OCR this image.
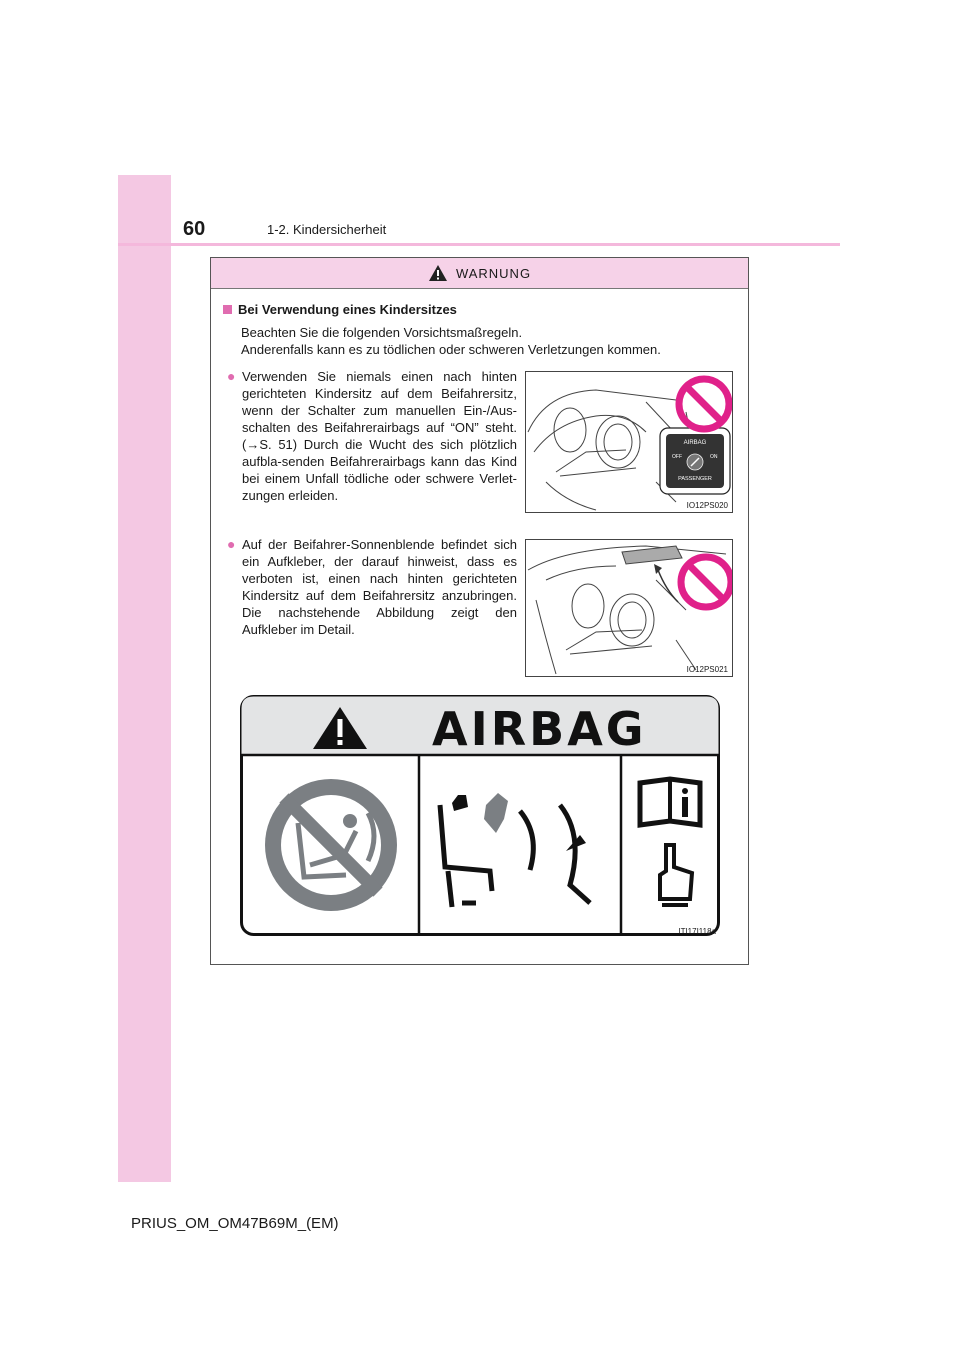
60	1-2. Kindersicherheit
WARNUNG
Bei Verwendung eines Kindersitzes
Beachten Sie die folgenden Vorsichtsmaßregeln.
Anderenfalls kann es zu tödlichen oder schweren Verletzungen kommen.
● Verwenden Sie niemals einen nach hinten gerichteten Kindersitz auf dem Beifahrersitz, wenn der Schalter zum manuellen Ein-/Aus-schalten des Beifahrerairbags auf “ON” steht. (→S. 51) Durch die Wucht des sich plötzlich aufbla-senden Beifahrerairbags kann das Kind bei einem Unfall tödliche oder schwere Verlet-zungen erleiden.
AIRBAG
OFF	ON
PASSENGER
IO12PS020
● Auf der Beifahrer-Sonnenblende befindet sich ein Aufkleber, der darauf hinweist, dass es verboten ist, einen nach hinten gerichteten Kindersitz auf dem Beifahrersitz anzubringen. Die nachstehende Abbildung zeigt den Aufkleber im Detail.
IO12PS021
AIRBAG
ITI17I118a
PRIUS_OM_OM47B69M_(EM)
